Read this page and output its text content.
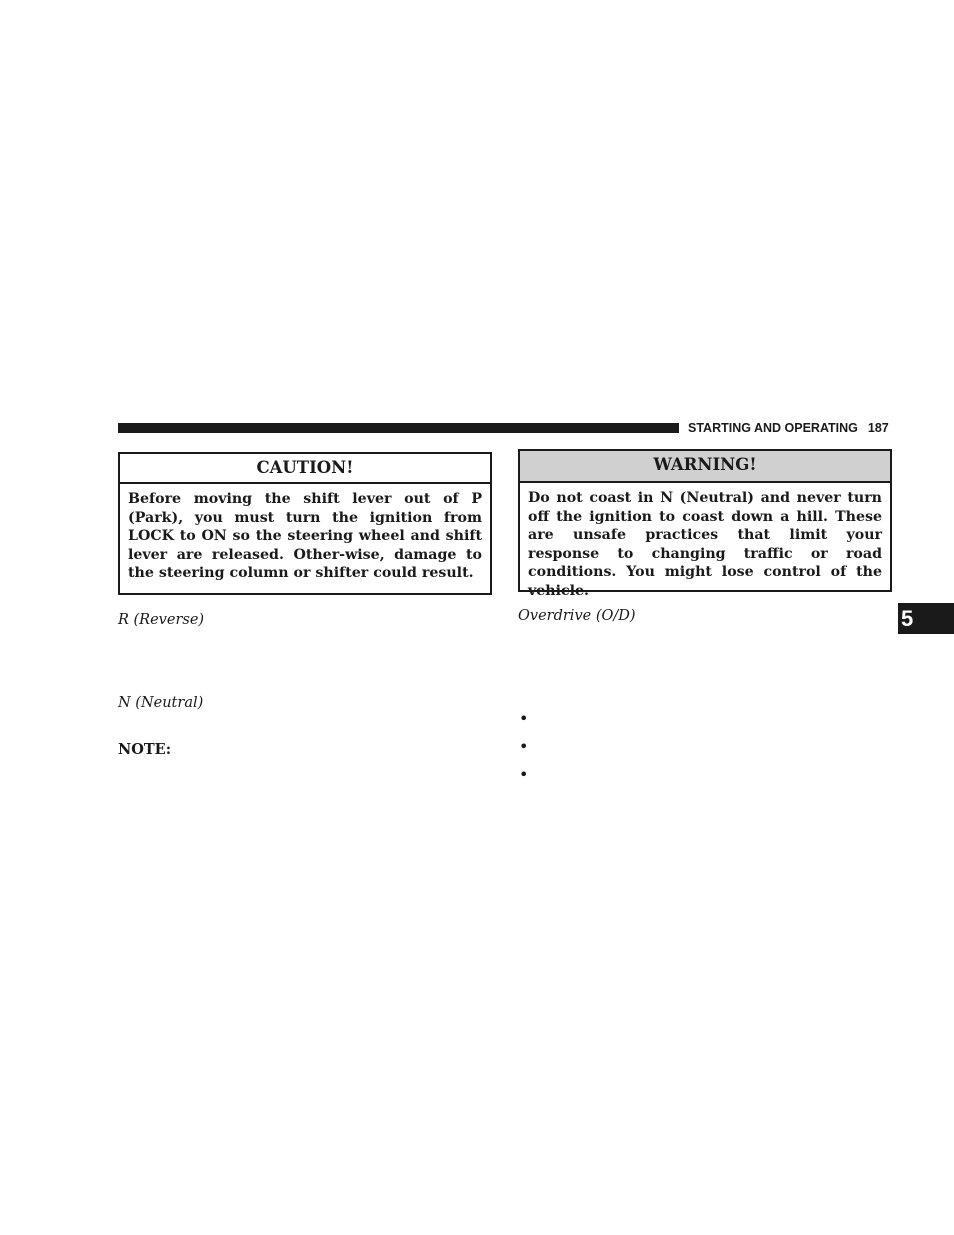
STARTING AND OPERATING 187
CAUTION!
Before moving the shift lever out of P (Park), you must turn the ignition from LOCK to ON so the steering wheel and shift lever are released. Other-wise, damage to the steering column or shifter could result.
WARNING!
Do not coast in N (Neutral) and never turn off the ignition to coast down a hill. These are unsafe practices that limit your response to changing traffic or road conditions. You might lose control of the vehicle.
R (Reverse)
N (Neutral)
NOTE:
Overdrive (O/D)
•
•
•
5
